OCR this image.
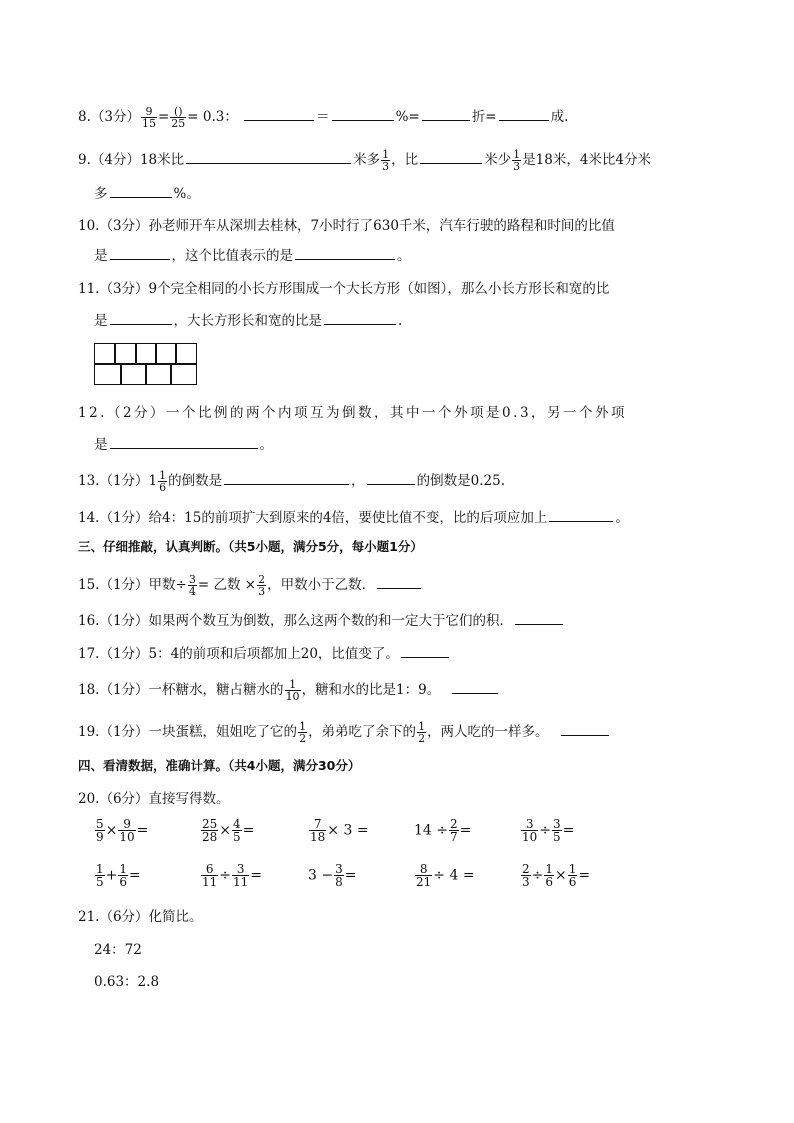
8.（3分） $\frac{9}{15}$ = ()
25 = 0.3：	＝	%=	折=	成.
9.（4分）18米比	米多 $\frac{1}{3}$ ，比	米少 $\frac{1}{3}$ 是18米，4米比4分米
多	%。
10.（3分）孙老师开车从深圳去桂林，7小时行了630千米，汽车行驶的路程和时间的比值
是	，这个比值表示的是	。
11.（3分）9个完全相同的小长方形围成一个大长方形（如图），那么小长方形长和宽的比
是	，大长方形长和宽的比是	.
12.（2分）一个比例的两个内项互为倒数，其中一个外项是0.3，另一个外项
是	。
13.（1分）$1 \frac{1}{6}$ 的倒数是	，	的倒数是0.25.
14.（1分）给4：15的前项扩大到原来的4倍，要使比值不变，比的后项应加上	。
三、仔细推敲，认真判断。（共5小题，满分5分，每小题1分）
15.（1分）甲数÷ $\frac{3}{4}$ = 乙数 × $\frac{2}{3}$ ，甲数小于乙数．
16.（1分）如果两个数互为倒数，那么这两个数的和一定大于它们的积．
17.（1分）5：4的前项和后项都加上20，比值变了。
18.（1分）一杯糖水，糖占糖水的 $\frac{1}{10}$ ，糖和水的比是1：9。
19.（1分）一块蛋糕，姐姐吃了它的 $\frac{1}{2}$ ，弟弟吃了余下的 $\frac{1}{2}$ ，两人吃的一样多。
四、看清数据，准确计算。（共4小题，满分30分）
20.（6分）直接写得数。
$\frac{5}{9} \times \frac{9}{10}$ =	$\frac{25}{28} \times \frac{4}{5}$ =	$\frac{7}{18} \times 3$ =	$14 \div \frac{2}{7}$ =	$\frac{3}{10} \div \frac{3}{5}$ =
$\frac{1}{5} + \frac{1}{6}$ =	$\frac{6}{11} \div \frac{3}{11}$ =	$3 - \frac{3}{8}$ =	$\frac{8}{21} \div 4$ =	$\frac{2}{3} \div \frac{1}{6} \times \frac{1}{6}$ =
21.（6分）化简比。
24：72
0.63：2.8
